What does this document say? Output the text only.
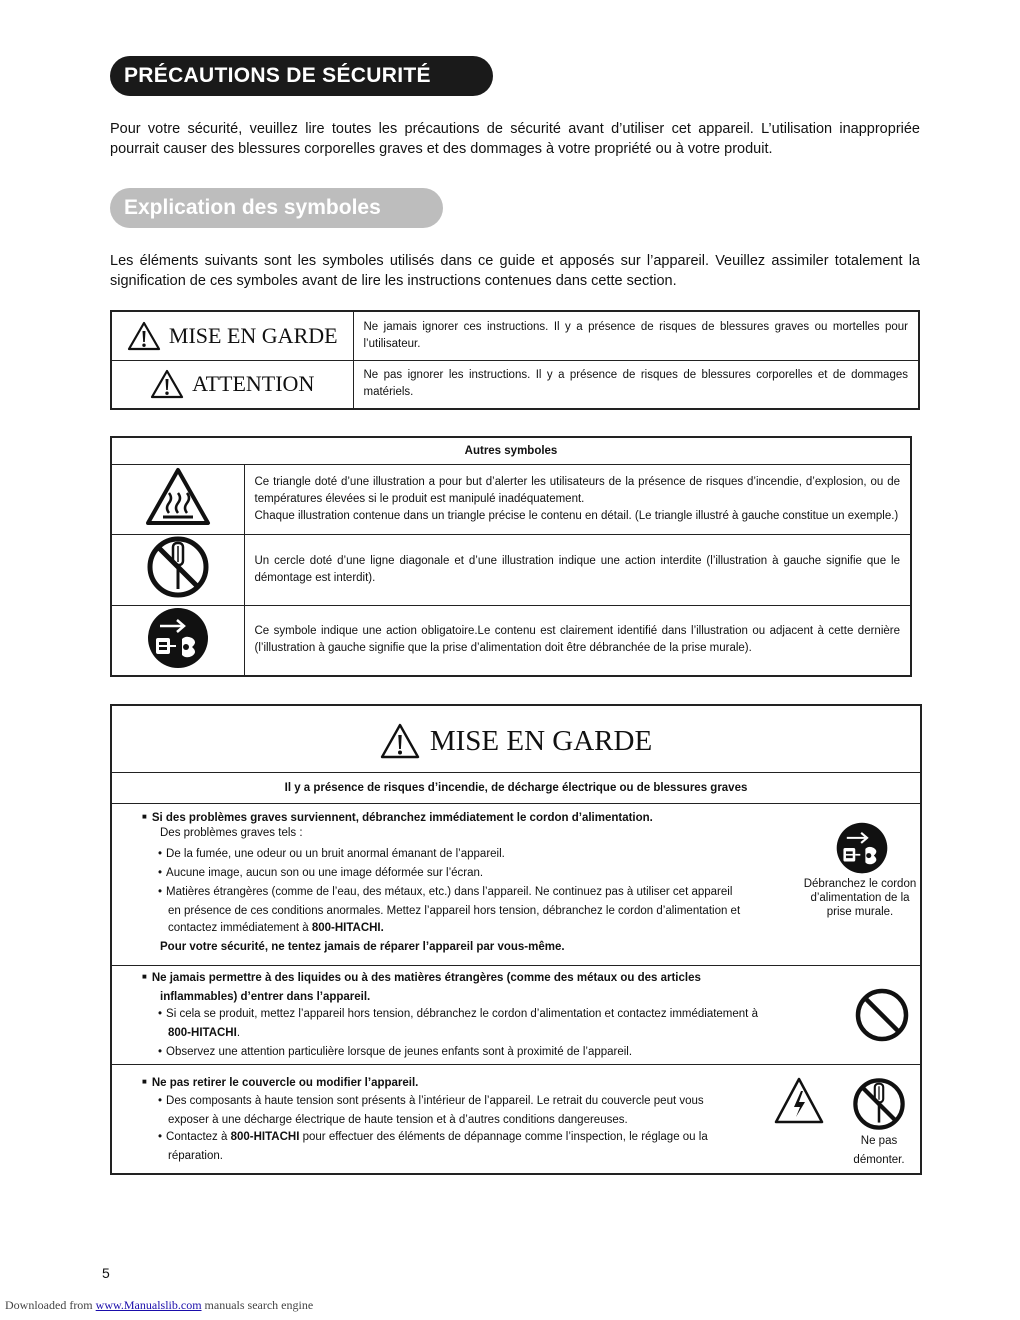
PRÉCAUTIONS DE SÉCURITÉ
Pour votre sécurité, veuillez lire toutes les précautions de sécurité avant d’utiliser cet appareil. L’utilisation inappropriée pourrait causer des blessures corporelles graves et des dommages à votre propriété ou à votre produit.
Explication des symboles
Les éléments suivants sont les symboles utilisés dans ce guide et apposés sur l’appareil. Veuillez assimiler totalement la signification de ces symboles avant de lire les instructions contenues dans cette section.
MISE EN GARDE	Ne jamais ignorer ces instructions. Il y a présence de risques de blessures graves ou mortelles pour l’utilisateur.
ATTENTION	Ne pas ignorer les instructions. Il y a présence de risques de blessures corporelles et de dommages matériels.
Autres symboles	

Ce triangle doté d’une illustration a pour but d’alerter les utilisateurs de la présence de risques d’incendie, d’explosion, ou de températures élevées si le produit est manipulé inadéquatement.

Chaque illustration contenue dans un triangle précise le contenu en détail. (Le triangle illustré à gauche constitue un exemple.)

Un cercle doté d’une ligne diagonale et d’une illustration indique une action interdite (l’illustration à gauche signifie que le démontage est interdit).

Ce symbole indique une action obligatoire.Le contenu est clairement identifié dans l’illustration ou adjacent à cette dernière (l’illustration à gauche signifie que la prise d’alimentation doit être débranchée de la prise murale).

MISE EN GARDE
Il y a présence de risques d’incendie, de décharge électrique ou de blessures graves
■ Si des problèmes graves surviennent, débranchez immédiatement le cordon d’alimentation.
Des problèmes graves tels :
• De la fumée, une odeur ou un bruit anormal émanant de l’appareil.
• Aucune image, aucun son ou une image déformée sur l’écran.
• Matières étrangères (comme de l’eau, des métaux, etc.) dans l’appareil. Ne continuez pas à utiliser cet appareil
en présence de ces conditions anormales. Mettez l’appareil hors tension, débranchez le cordon d’alimentation et
contactez immédiatement à 800-HITACHI.
Pour votre sécurité, ne tentez jamais de réparer l’appareil par vous-même.
Débranchez le cordon
d’alimentation de la
prise murale.
■ Ne jamais permettre à des liquides ou à des matières étrangères (comme des métaux ou des articles
inflammables) d’entrer dans l’appareil.
• Si cela se produit, mettez l’appareil hors tension, débranchez le cordon d’alimentation et contactez immédiatement à
800-HITACHI.
• Observez une attention particulière lorsque de jeunes enfants sont à proximité de l’appareil.
■ Ne pas retirer le couvercle ou modifier l’appareil.
• Des composants à haute tension sont présents à l’intérieur de l’appareil. Le retrait du couvercle peut vous
exposer à une décharge électrique de haute tension et à d’autres conditions dangereuses.
• Contactez à 800-HITACHI pour effectuer des éléments de dépannage comme l’inspection, le réglage ou la
réparation.
Ne pas
démonter.
5
Downloaded from www.Manualslib.com manuals search engine
